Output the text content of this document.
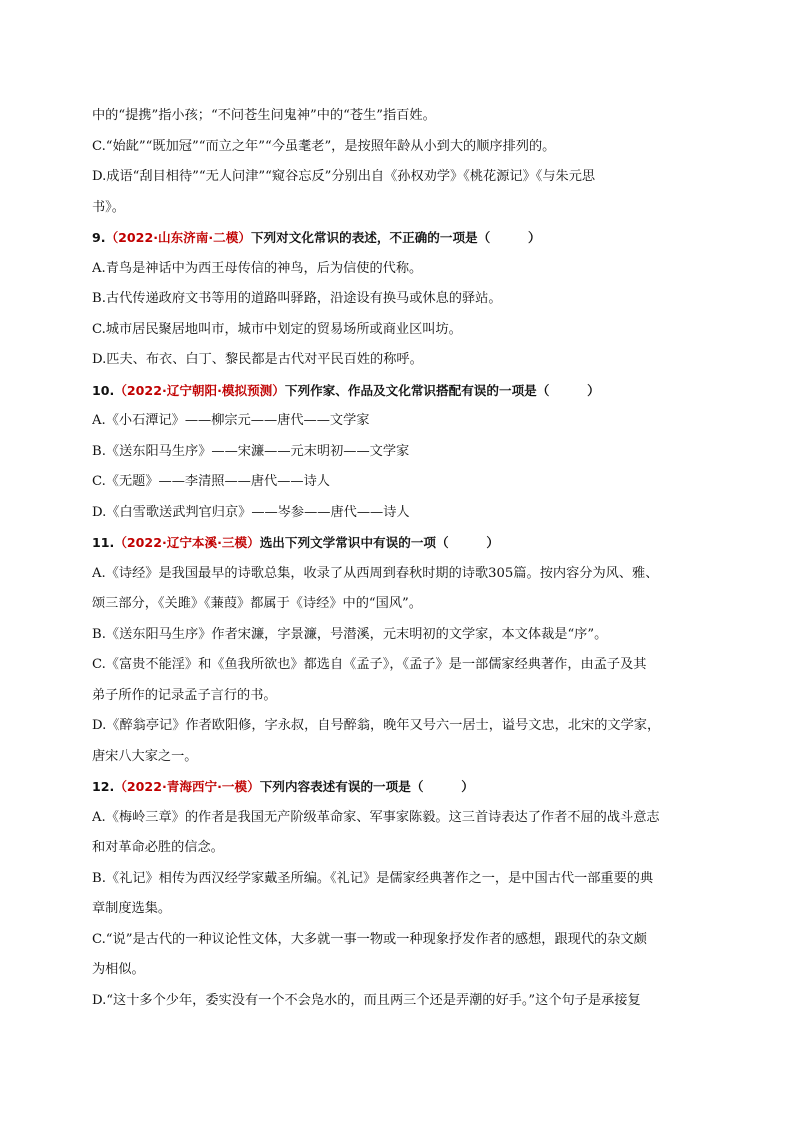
中的“提携”指小孩；“不问苍生问鬼神”中的“苍生”指百姓。
C.“始龀”“既加冠”“而立之年”“今虽耄老”，是按照年龄从小到大的顺序排列的。
D.成语“刮目相待”“无人问津”“窥谷忘反”分别出自《孙权劝学》《桃花源记》《与朱元思
书》。
9.（2022·山东济南·二模）下列对文化常识的表述，不正确的一项是（　　　）
A.青鸟是神话中为西王母传信的神鸟，后为信使的代称。
B.古代传递政府文书等用的道路叫驿路，沿途设有换马或休息的驿站。
C.城市居民聚居地叫市，城市中划定的贸易场所或商业区叫坊。
D.匹夫、布衣、白丁、黎民都是古代对平民百姓的称呼。
10.（2022·辽宁朝阳·模拟预测）下列作家、作品及文化常识搭配有误的一项是（　　　）
A.《小石潭记》——柳宗元——唐代——文学家
B.《送东阳马生序》——宋濂——元末明初——文学家
C.《无题》——李清照——唐代——诗人
D.《白雪歌送武判官归京》——岑参——唐代——诗人
11.（2022·辽宁本溪·三模）选出下列文学常识中有误的一项（　　　）
A.《诗经》是我国最早的诗歌总集，收录了从西周到春秋时期的诗歌305篇。按内容分为风、雅、
颂三部分，《关雎》《蒹葭》都属于《诗经》中的“国风”。
B.《送东阳马生序》作者宋濂，字景濂，号潜溪，元末明初的文学家，本文体裁是“序”。
C.《富贵不能淫》和《鱼我所欲也》都选自《孟子》，《孟子》是一部儒家经典著作，由孟子及其
弟子所作的记录孟子言行的书。
D.《醉翁亭记》作者欧阳修，字永叔，自号醉翁，晚年又号六一居士，谥号文忠，北宋的文学家，
唐宋八大家之一。
12.（2022·青海西宁·一模）下列内容表述有误的一项是（　　　）
A.《梅岭三章》的作者是我国无产阶级革命家、军事家陈毅。这三首诗表达了作者不屈的战斗意志
和对革命必胜的信念。
B.《礼记》相传为西汉经学家戴圣所编。《礼记》是儒家经典著作之一，是中国古代一部重要的典
章制度选集。
C.“说”是古代的一种议论性文体，大多就一事一物或一种现象抒发作者的感想，跟现代的杂文颇
为相似。
D.“这十多个少年，委实没有一个不会凫水的，而且两三个还是弄潮的好手。”这个句子是承接复
